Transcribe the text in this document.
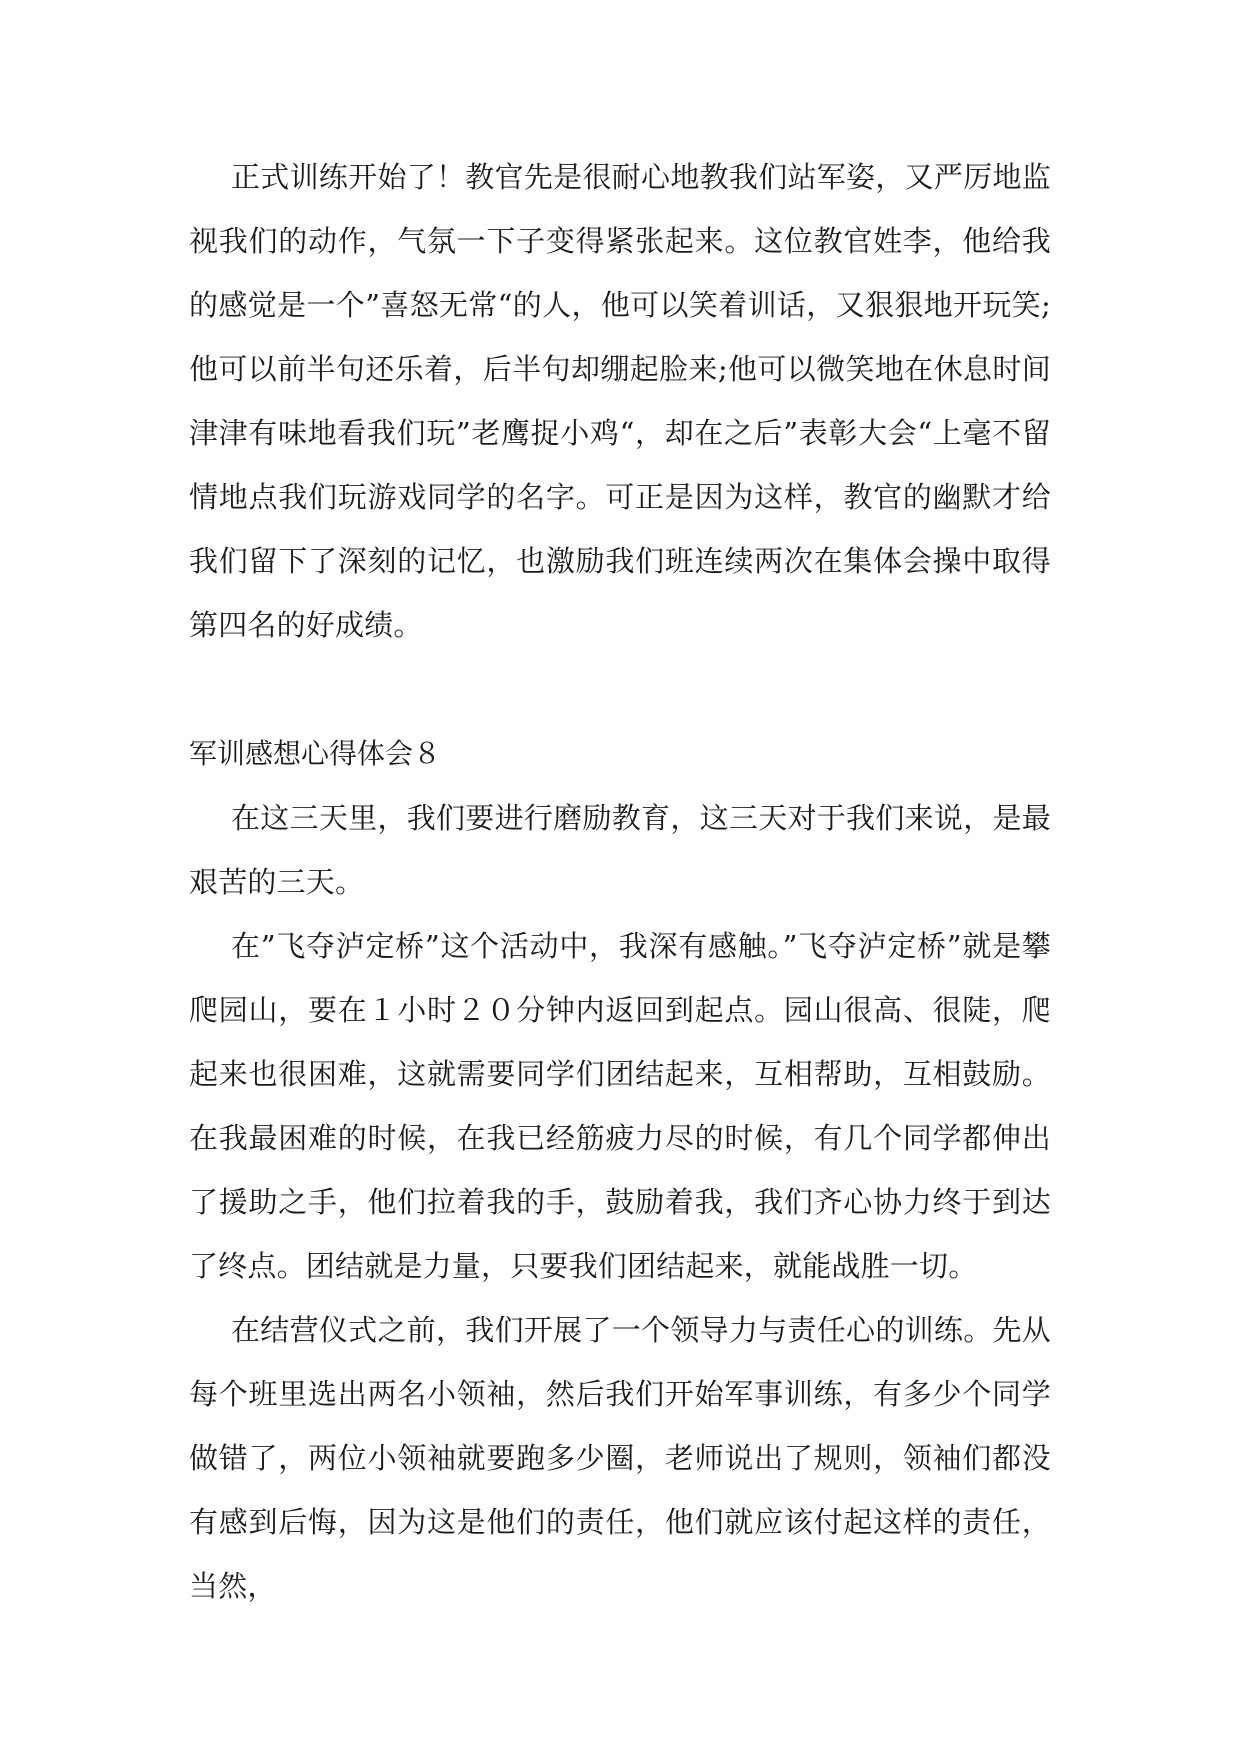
正式训练开始了！教官先是很耐心地教我们站军姿，又严厉地监视我们的动作，气氛一下子变得紧张起来。这位教官姓李，他给我的感觉是一个”喜怒无常“的人，他可以笑着训话，又狠狠地开玩笑;他可以前半句还乐着，后半句却绷起脸来;他可以微笑地在休息时间津津有味地看我们玩”老鹰捉小鸡“，却在之后”表彰大会“上毫不留情地点我们玩游戏同学的名字。可正是因为这样，教官的幽默才给我们留下了深刻的记忆，也激励我们班连续两次在集体会操中取得第四名的好成绩。

军训感想心得体会８

在这三天里，我们要进行磨励教育，这三天对于我们来说，是最艰苦的三天。

在”飞夺泸定桥”这个活动中，我深有感触。”飞夺泸定桥”就是攀爬园山，要在１小时２０分钟内返回到起点。园山很高、很陡，爬起来也很困难，这就需要同学们团结起来，互相帮助，互相鼓励。在我最困难的时候，在我已经筋疲力尽的时候，有几个同学都伸出了援助之手，他们拉着我的手，鼓励着我，我们齐心协力终于到达了终点。团结就是力量，只要我们团结起来，就能战胜一切。

在结营仪式之前，我们开展了一个领导力与责任心的训练。先从每个班里选出两名小领袖，然后我们开始军事训练，有多少个同学做错了，两位小领袖就要跑多少圈，老师说出了规则，领袖们都没有感到后悔，因为这是他们的责任，他们就应该付起这样的责任，当然，
